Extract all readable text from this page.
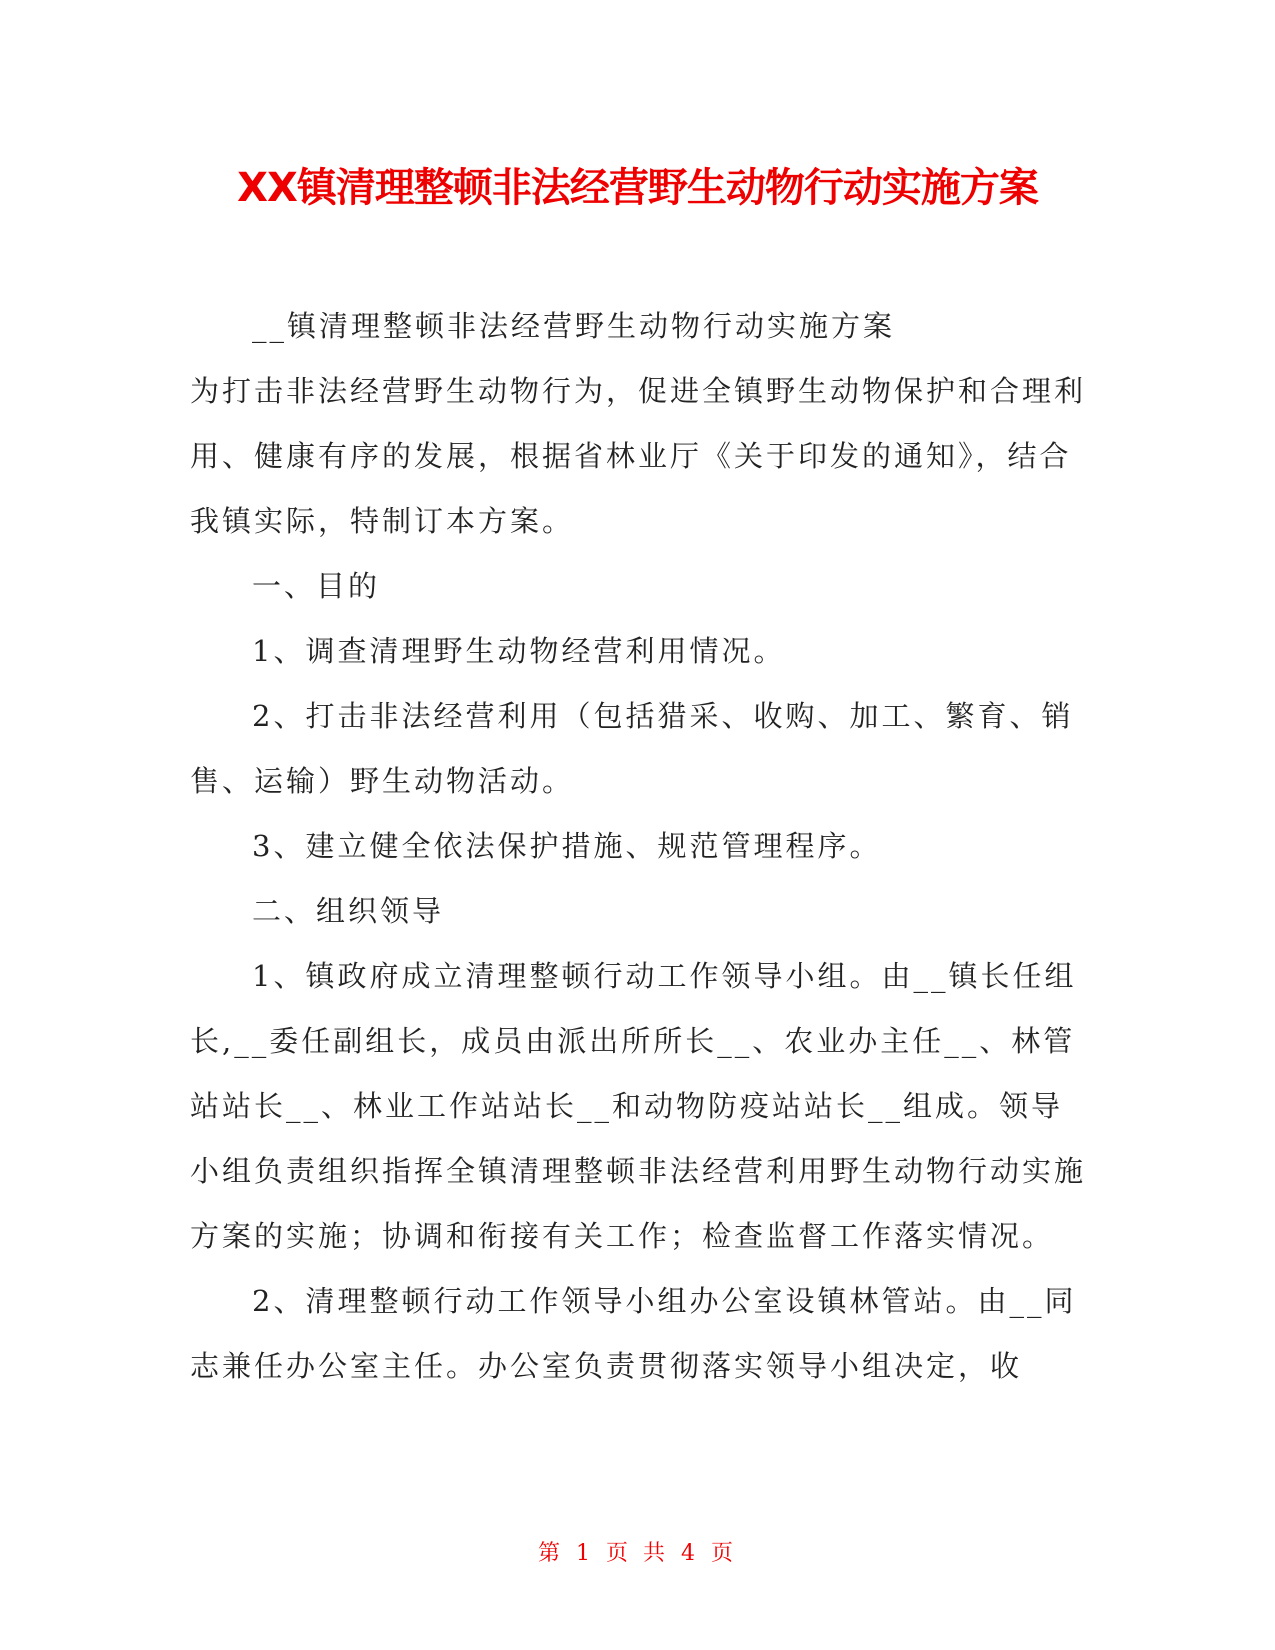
XX镇清理整顿非法经营野生动物行动实施方案

__镇清理整顿非法经营野生动物行动实施方案

为打击非法经营野生动物行为，促进全镇野生动物保护和合理利用、健康有序的发展，根据省林业厅《关于印发的通知》，结合我镇实际，特制订本方案。

一、目的

1、调查清理野生动物经营利用情况。

2、打击非法经营利用（包括猎采、收购、加工、繁育、销售、运输）野生动物活动。

3、建立健全依法保护措施、规范管理程序。

二、组织领导

1、镇政府成立清理整顿行动工作领导小组。由__镇长任组长,__委任副组长，成员由派出所所长__、农业办主任__、林管站站长__、林业工作站站长__和动物防疫站站长__组成。领导小组负责组织指挥全镇清理整顿非法经营利用野生动物行动实施方案的实施；协调和衔接有关工作；检查监督工作落实情况。

2、清理整顿行动工作领导小组办公室设镇林管站。由__同志兼任办公室主任。办公室负责贯彻落实领导小组决定，收

第 1 页 共 4 页
